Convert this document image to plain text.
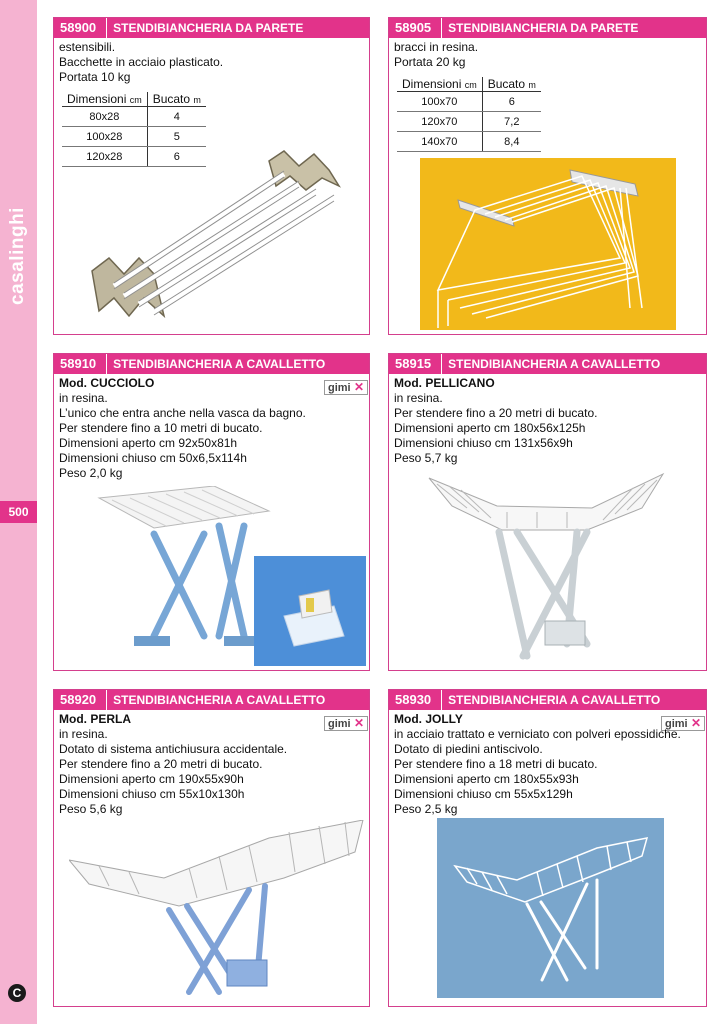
casalinghi
500
C
58900 STENDIBIANCHERIA DA PARETE
estensibili.
Bacchette in acciaio plasticato.
Portata 10 kg
Dimensioni cm	Bucato m
80x28	4
100x28	5
120x28	6
58905 STENDIBIANCHERIA DA PARETE
bracci in resina.
Portata 20 kg
Dimensioni cm	Bucato m
100x70	6
120x70	7,2
140x70	8,4
58910 STENDIBIANCHERIA A CAVALLETTO
gimi ✕
Mod. CUCCIOLO
in resina.
L’unico che entra anche nella vasca da bagno.
Per stendere fino a 10 metri di bucato.
Dimensioni aperto cm 92x50x81h
Dimensioni chiuso cm 50x6,5x114h
Peso 2,0 kg
58915 STENDIBIANCHERIA A CAVALLETTO
Mod. PELLICANO
in resina.
Per stendere fino a 20 metri di bucato.
Dimensioni aperto cm 180x56x125h
Dimensioni chiuso cm 131x56x9h
Peso 5,7 kg
58920 STENDIBIANCHERIA A CAVALLETTO
gimi ✕
Mod. PERLA
in resina.
Dotato di sistema antichiusura accidentale.
Per stendere fino a 20 metri di bucato.
Dimensioni aperto cm 190x55x90h
Dimensioni chiuso cm 55x10x130h
Peso 5,6 kg
58930 STENDIBIANCHERIA A CAVALLETTO
gimi ✕
Mod. JOLLY
in acciaio trattato e verniciato con polveri epossidiche.
Dotato di piedini antiscivolo.
Per stendere fino a 18 metri di bucato.
Dimensioni aperto cm 180x55x93h
Dimensioni chiuso cm 55x5x129h
Peso 2,5 kg
